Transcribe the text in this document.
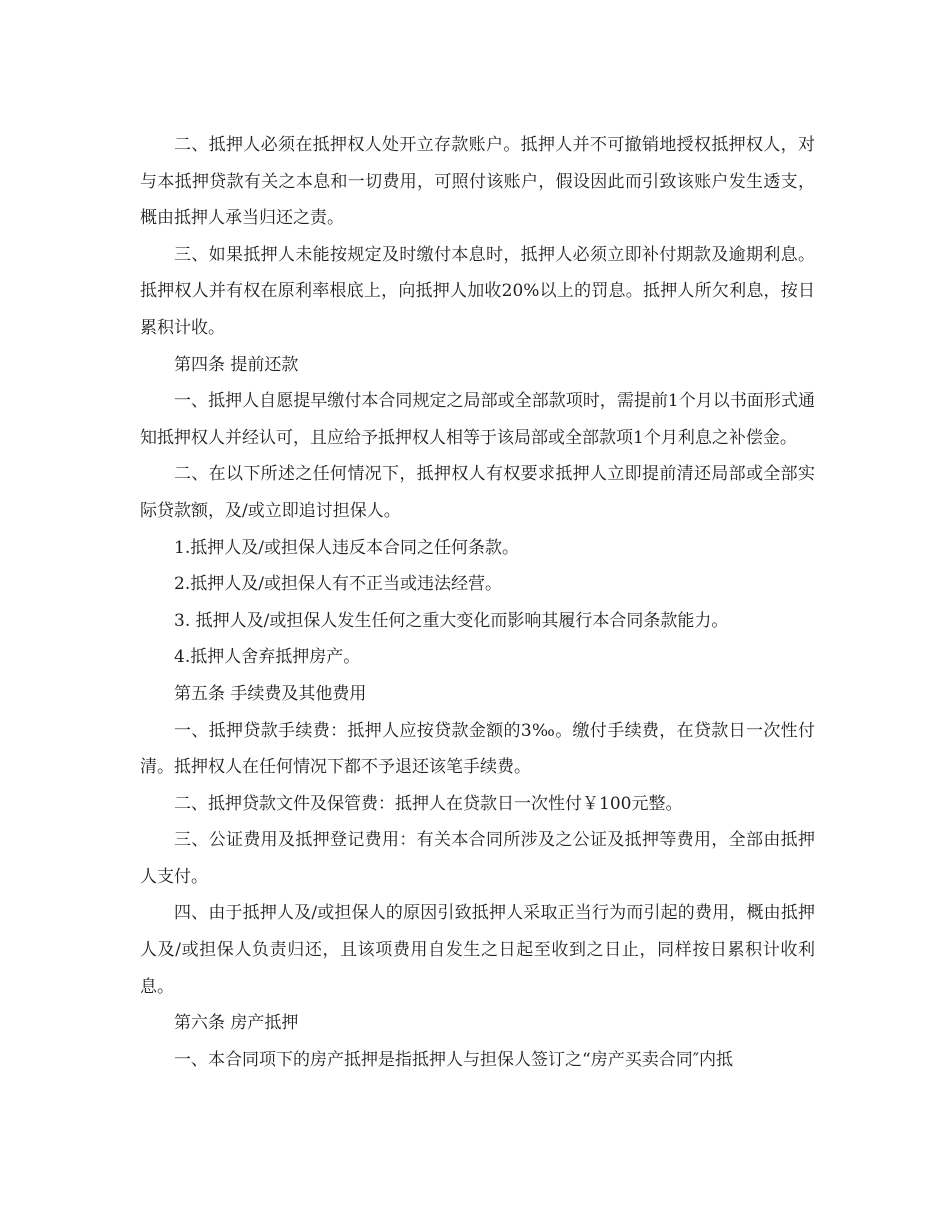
二、抵押人必须在抵押权人处开立存款账户。抵押人并不可撤销地授权抵押权人，对与本抵押贷款有关之本息和一切费用，可照付该账户，假设因此而引致该账户发生透支，概由抵押人承当归还之责。

三、如果抵押人未能按规定及时缴付本息时，抵押人必须立即补付期款及逾期利息。抵押权人并有权在原利率根底上，向抵押人加收20%以上的罚息。抵押人所欠利息，按日累积计收。

第四条 提前还款

一、抵押人自愿提早缴付本合同规定之局部或全部款项时，需提前1个月以书面形式通知抵押权人并经认可，且应给予抵押权人相等于该局部或全部款项1个月利息之补偿金。

二、在以下所述之任何情况下，抵押权人有权要求抵押人立即提前清还局部或全部实际贷款额，及/或立即追讨担保人。

1.抵押人及/或担保人违反本合同之任何条款。

2.抵押人及/或担保人有不正当或违法经营。

3. 抵押人及/或担保人发生任何之重大变化而影响其履行本合同条款能力。

4.抵押人舍弃抵押房产。

第五条 手续费及其他费用

一、抵押贷款手续费：抵押人应按贷款金额的3‰。缴付手续费，在贷款日一次性付清。抵押权人在任何情况下都不予退还该笔手续费。

二、抵押贷款文件及保管费：抵押人在贷款日一次性付￥100元整。

三、公证费用及抵押登记费用：有关本合同所涉及之公证及抵押等费用，全部由抵押人支付。

四、由于抵押人及/或担保人的原因引致抵押人采取正当行为而引起的费用，概由抵押人及/或担保人负责归还，且该项费用自发生之日起至收到之日止，同样按日累积计收利息。

第六条 房产抵押

一、本合同项下的房产抵押是指抵押人与担保人签订之“房产买卖合同″内抵
